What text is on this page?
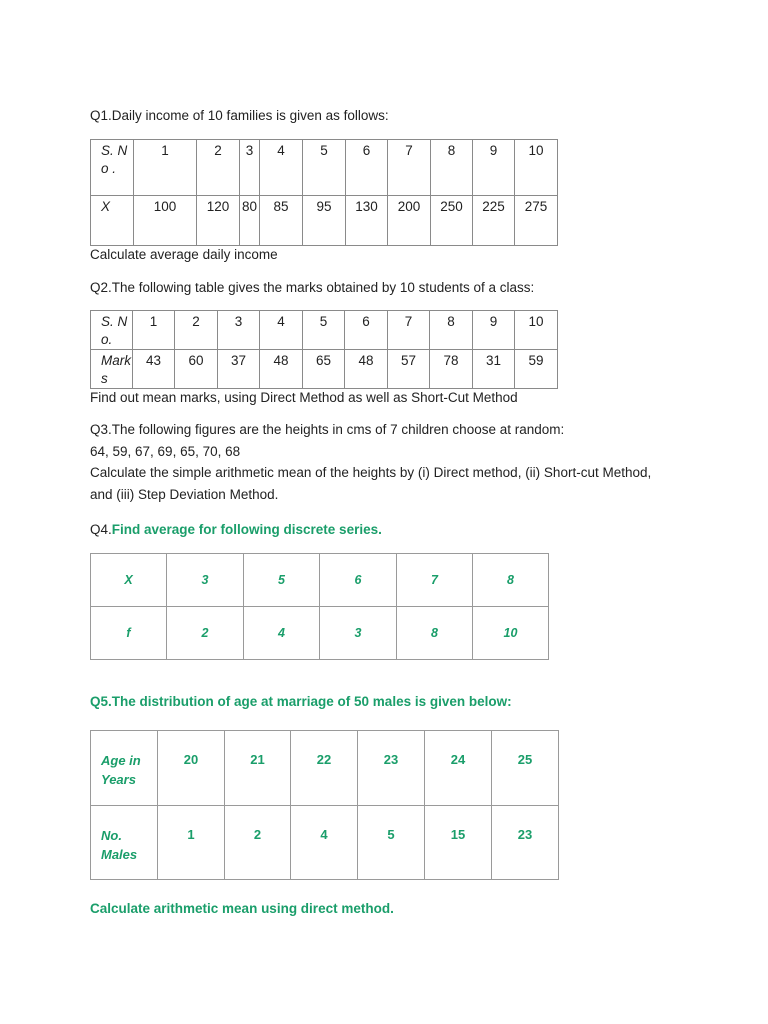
Q1.Daily income of 10 families is given as follows:

S. No .	1	2	3	4	5	6	7	8	9	10
X	100	120	80	85	95	130	200	250	225	275

Calculate average daily income

Q2.The following table gives the marks obtained by 10 students of a class:

S. No.	1	2	3	4	5	6	7	8	9	10
Marks	43	60	37	48	65	48	57	78	31	59

Find out mean marks, using Direct Method as well as Short-Cut Method

Q3.The following figures are the heights in cms of 7 children choose at random:

64, 59, 67, 69, 65, 70, 68

Calculate the simple arithmetic mean of the heights by (i) Direct method, (ii) Short-cut Method,

and (iii) Step Deviation Method.

Q4.Find average for following discrete series.

X	3	5	6	7	8
f	2	4	3	8	10

Q5.The distribution of age at marriage of 50 males is given below:

Age in Years	20	21	22	23	24	25
No. Males	1	2	4	5	15	23

Calculate arithmetic mean using direct method.
